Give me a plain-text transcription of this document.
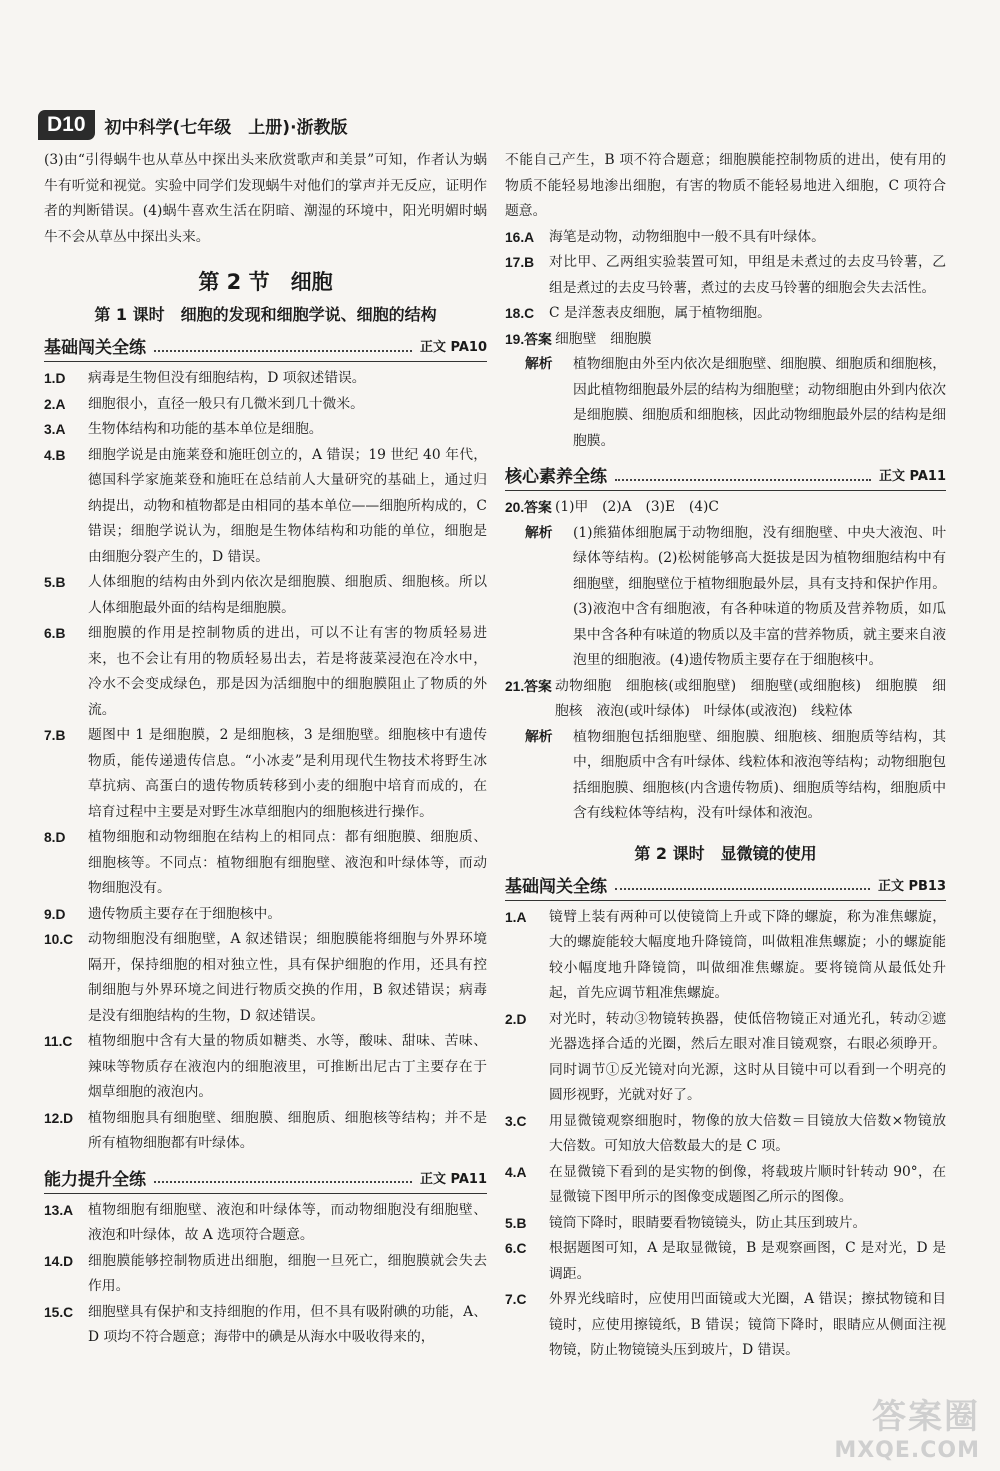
D10	初中科学(七年级　上册)·浙教版

(3)由“引得蜗牛也从草丛中探出头来欣赏歌声和美景”可知，作者认为蜗牛有听觉和视觉。实验中同学们发现蜗牛对他们的掌声并无反应，证明作者的判断错误。(4)蜗牛喜欢生活在阴暗、潮湿的环境中，阳光明媚时蜗牛不会从草丛中探出头来。

第 2 节　细胞
第 1 课时　细胞的发现和细胞学说、细胞的结构
基础闯关全练	正文 PA10
1.D	病毒是生物但没有细胞结构，D 项叙述错误。
2.A	细胞很小，直径一般只有几微米到几十微米。
3.A	生物体结构和功能的基本单位是细胞。
4.B	细胞学说是由施莱登和施旺创立的，A 错误；19 世纪 40 年代，德国科学家施莱登和施旺在总结前人大量研究的基础上，通过归纳提出，动物和植物都是由相同的基本单位——细胞所构成的，C 错误；细胞学说认为，细胞是生物体结构和功能的单位，细胞是由细胞分裂产生的，D 错误。
5.B	人体细胞的结构由外到内依次是细胞膜、细胞质、细胞核。所以人体细胞最外面的结构是细胞膜。
6.B	细胞膜的作用是控制物质的进出，可以不让有害的物质轻易进来，也不会让有用的物质轻易出去，若是将菠菜浸泡在冷水中，冷水不会变成绿色，那是因为活细胞中的细胞膜阻止了物质的外流。
7.B	题图中 1 是细胞膜，2 是细胞核，3 是细胞壁。细胞核中有遗传物质，能传递遗传信息。“小冰麦”是利用现代生物技术将野生冰草抗病、高蛋白的遗传物质转移到小麦的细胞中培育而成的，在培育过程中主要是对野生冰草细胞内的细胞核进行操作。
8.D	植物细胞和动物细胞在结构上的相同点：都有细胞膜、细胞质、细胞核等。不同点：植物细胞有细胞壁、液泡和叶绿体等，而动物细胞没有。
9.D	遗传物质主要存在于细胞核中。
10.C	动物细胞没有细胞壁，A 叙述错误；细胞膜能将细胞与外界环境隔开，保持细胞的相对独立性，具有保护细胞的作用，还具有控制细胞与外界环境之间进行物质交换的作用，B 叙述错误；病毒是没有细胞结构的生物，D 叙述错误。
11.C	植物细胞中含有大量的物质如糖类、水等，酸味、甜味、苦味、辣味等物质存在液泡内的细胞液里，可推断出尼古丁主要存在于烟草细胞的液泡内。
12.D	植物细胞具有细胞壁、细胞膜、细胞质、细胞核等结构；并不是所有植物细胞都有叶绿体。
能力提升全练	正文 PA11
13.A	植物细胞有细胞壁、液泡和叶绿体等，而动物细胞没有细胞壁、液泡和叶绿体，故 A 选项符合题意。
14.D	细胞膜能够控制物质进出细胞，细胞一旦死亡，细胞膜就会失去作用。
15.C	细胞壁具有保护和支持细胞的作用，但不具有吸附碘的功能，A、D 项均不符合题意；海带中的碘是从海水中吸收得来的，

不能自己产生，B 项不符合题意；细胞膜能控制物质的进出，使有用的物质不能轻易地渗出细胞，有害的物质不能轻易地进入细胞，C 项符合题意。

16.A	海笔是动物，动物细胞中一般不具有叶绿体。
17.B	对比甲、乙两组实验装置可知，甲组是未煮过的去皮马铃薯，乙组是煮过的去皮马铃薯，煮过的去皮马铃薯的细胞会失去活性。
18.C	C 是洋葱表皮细胞，属于植物细胞。
19.答案 细胞壁　细胞膜
解析	植物细胞由外至内依次是细胞壁、细胞膜、细胞质和细胞核，因此植物细胞最外层的结构为细胞壁；动物细胞由外到内依次是细胞膜、细胞质和细胞核，因此动物细胞最外层的结构是细胞膜。
核心素养全练	正文 PA11
20.答案 (1)甲　(2)A　(3)E　(4)C
解析	(1)熊猫体细胞属于动物细胞，没有细胞壁、中央大液泡、叶绿体等结构。(2)松树能够高大挺拔是因为植物细胞结构中有细胞壁，细胞壁位于植物细胞最外层，具有支持和保护作用。(3)液泡中含有细胞液，有各种味道的物质及营养物质，如瓜果中含各种有味道的物质以及丰富的营养物质，就主要来自液泡里的细胞液。(4)遗传物质主要存在于细胞核中。
21.答案 动物细胞　细胞核(或细胞壁)　细胞壁(或细胞核)　细胞膜　细胞核　液泡(或叶绿体)　叶绿体(或液泡)　线粒体
解析	植物细胞包括细胞壁、细胞膜、细胞核、细胞质等结构，其中，细胞质中含有叶绿体、线粒体和液泡等结构；动物细胞包括细胞膜、细胞核(内含遗传物质)、细胞质等结构，细胞质中含有线粒体等结构，没有叶绿体和液泡。
第 2 课时　显微镜的使用
基础闯关全练	正文 PB13
1.A	镜臂上装有两种可以使镜筒上升或下降的螺旋，称为准焦螺旋，大的螺旋能较大幅度地升降镜筒，叫做粗准焦螺旋；小的螺旋能较小幅度地升降镜筒，叫做细准焦螺旋。要将镜筒从最低处升起，首先应调节粗准焦螺旋。
2.D	对光时，转动③物镜转换器，使低倍物镜正对通光孔，转动②遮光器选择合适的光圈，然后左眼对准目镜观察，右眼必须睁开。同时调节①反光镜对向光源，这时从目镜中可以看到一个明亮的圆形视野，光就对好了。
3.C	用显微镜观察细胞时，物像的放大倍数＝目镜放大倍数×物镜放大倍数。可知放大倍数最大的是 C 项。
4.A	在显微镜下看到的是实物的倒像，将载玻片顺时针转动 90°，在显微镜下图甲所示的图像变成题图乙所示的图像。
5.B	镜筒下降时，眼睛要看物镜镜头，防止其压到玻片。
6.C	根据题图可知，A 是取显微镜，B 是观察画图，C 是对光，D 是调距。
7.C	外界光线暗时，应使用凹面镜或大光圈，A 错误；擦拭物镜和目镜时，应使用擦镜纸，B 错误；镜筒下降时，眼睛应从侧面注视物镜，防止物镜镜头压到玻片，D 错误。
答案圈
MXQE.COM
